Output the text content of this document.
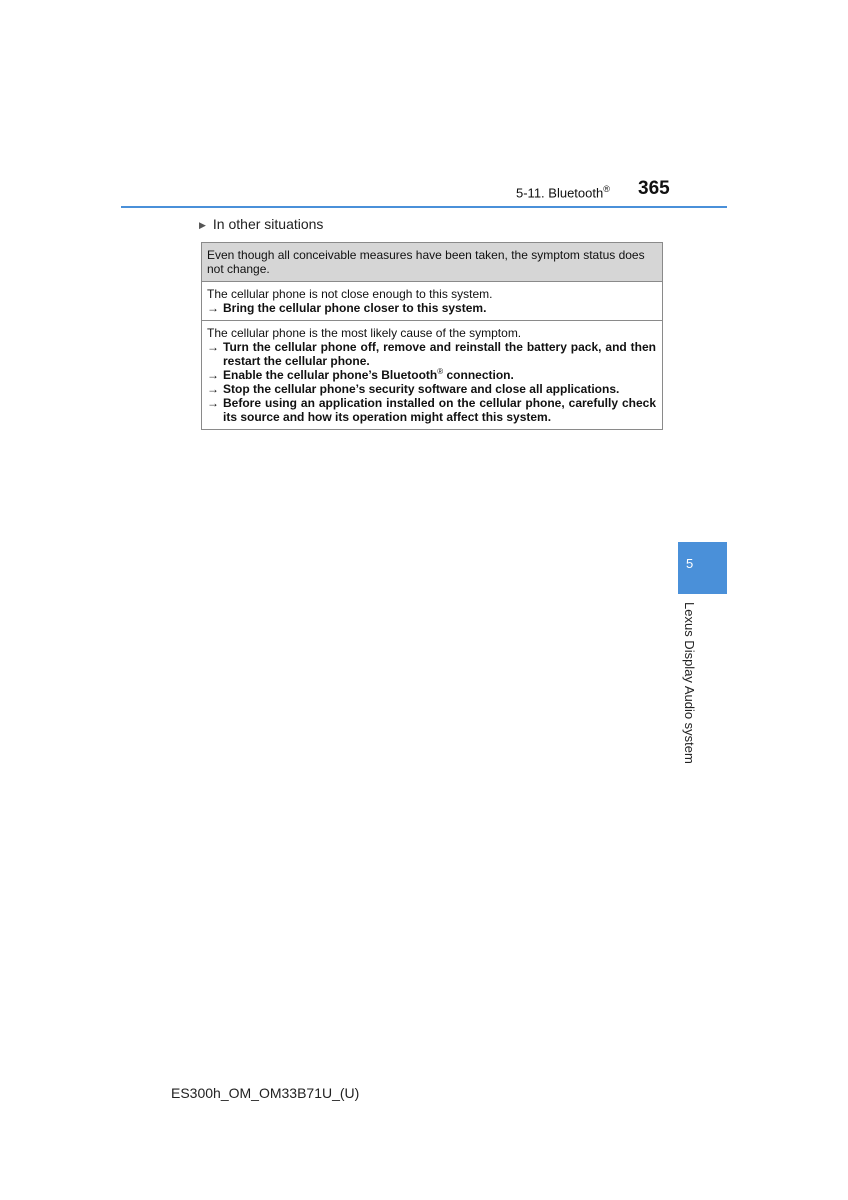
5-11. Bluetooth® 365
▶ In other situations
Even though all conceivable measures have been taken, the symptom status does not change.

The cellular phone is not close enough to this system.
→ Bring the cellular phone closer to this system.

The cellular phone is the most likely cause of the symptom.
→ Turn the cellular phone off, remove and reinstall the battery pack, and then restart the cellular phone.
→ Enable the cellular phone’s Bluetooth® connection.
→ Stop the cellular phone’s security software and close all applications.
→ Before using an application installed on the cellular phone, carefully check its source and how its operation might affect this system.
5
Lexus Display Audio system
ES300h_OM_OM33B71U_(U)
